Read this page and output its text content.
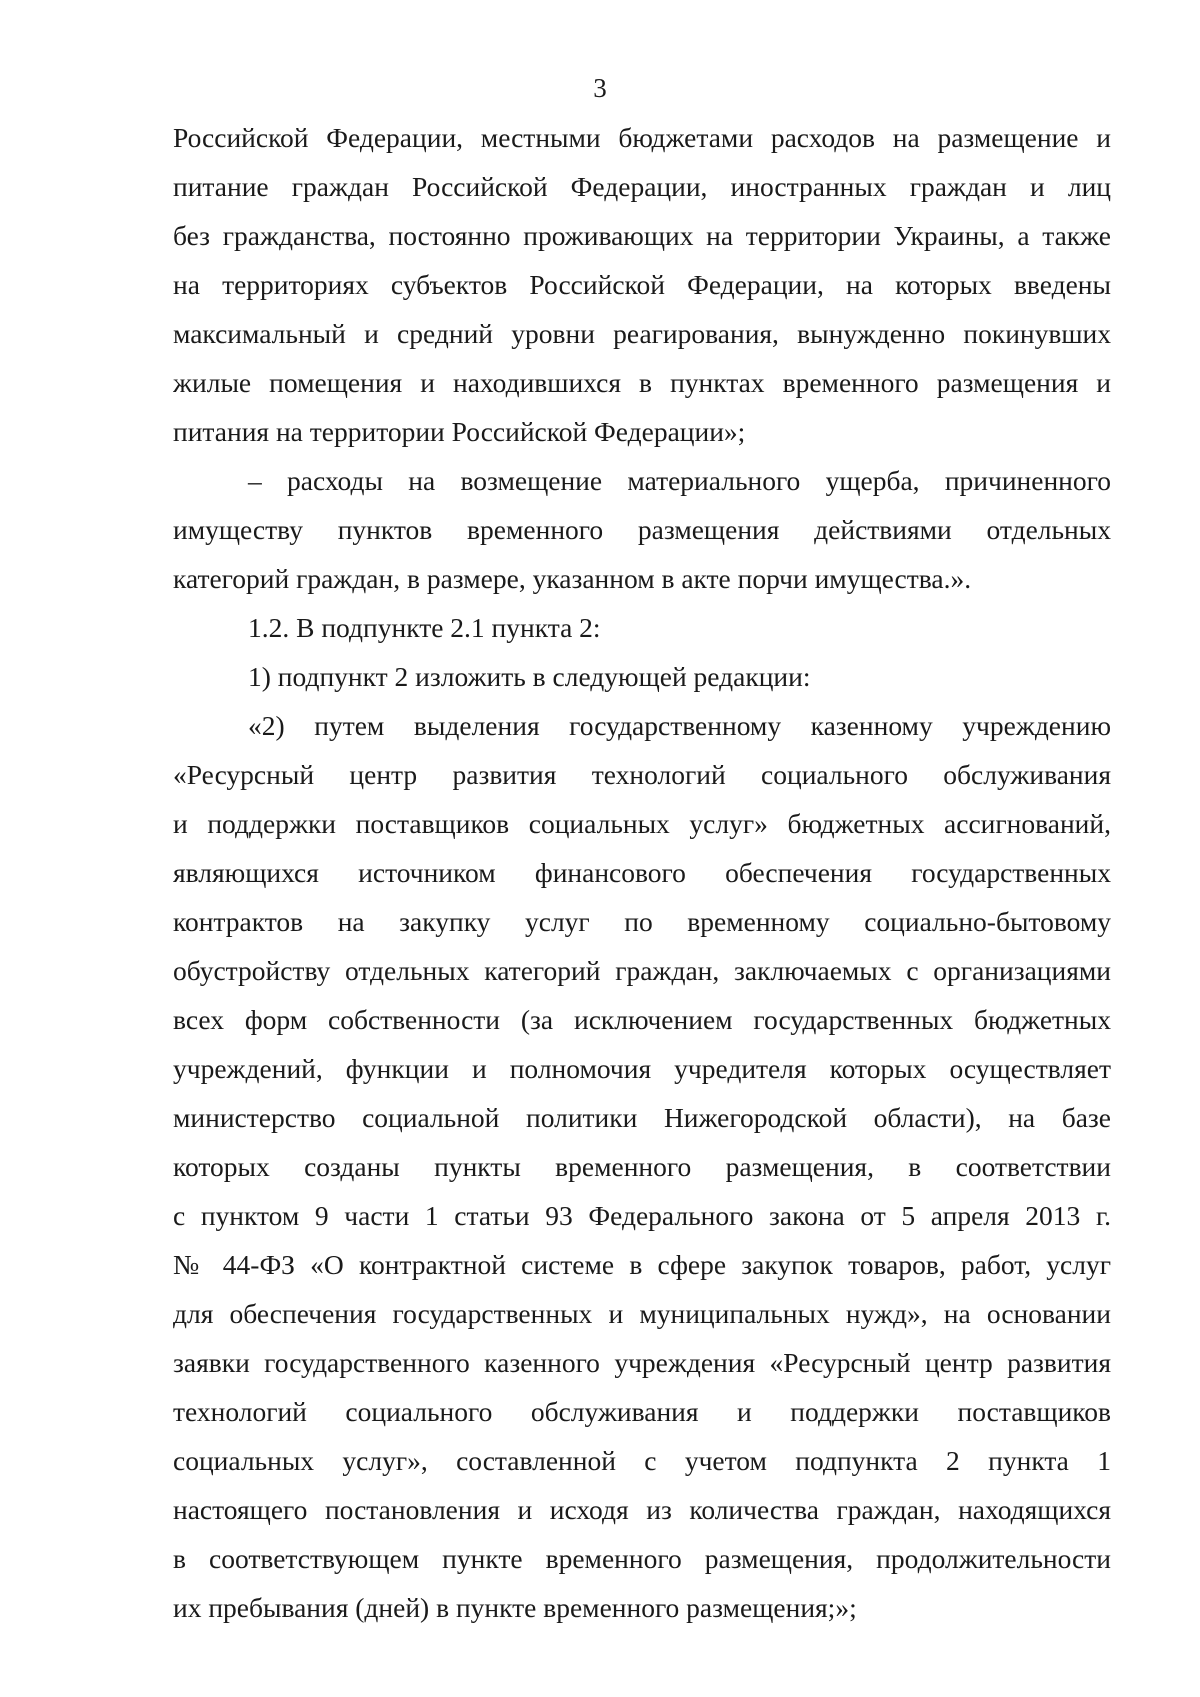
3
Российской Федерации, местными бюджетами расходов на размещение и
питание граждан Российской Федерации, иностранных граждан и лиц
без гражданства, постоянно проживающих на территории Украины, а также
на территориях субъектов Российской Федерации, на которых введены
максимальный и средний уровни реагирования, вынужденно покинувших
жилые помещения и находившихся в пунктах временного размещения и
питания на территории Российской Федерации»;
– расходы на возмещение материального ущерба, причиненного
имуществу пунктов временного размещения действиями отдельных
категорий граждан, в размере, указанном в акте порчи имущества.».
1.2. В подпункте 2.1 пункта 2:
1) подпункт 2 изложить в следующей редакции:
«2) путем выделения государственному казенному учреждению
«Ресурсный центр развития технологий социального обслуживания
и поддержки поставщиков социальных услуг» бюджетных ассигнований,
являющихся источником финансового обеспечения государственных
контрактов на закупку услуг по временному социально-бытовому
обустройству отдельных категорий граждан, заключаемых с организациями
всех форм собственности (за исключением государственных бюджетных
учреждений, функции и полномочия учредителя которых осуществляет
министерство социальной политики Нижегородской области), на базе
которых созданы пункты временного размещения, в соответствии
с пунктом 9 части 1 статьи 93 Федерального закона от 5 апреля 2013 г.
№ 44-ФЗ «О контрактной системе в сфере закупок товаров, работ, услуг
для обеспечения государственных и муниципальных нужд», на основании
заявки государственного казенного учреждения «Ресурсный центр развития
технологий социального обслуживания и поддержки поставщиков
социальных услуг», составленной с учетом подпункта 2 пункта 1
настоящего постановления и исходя из количества граждан, находящихся
в соответствующем пункте временного размещения, продолжительности
их пребывания (дней) в пункте временного размещения;»;
